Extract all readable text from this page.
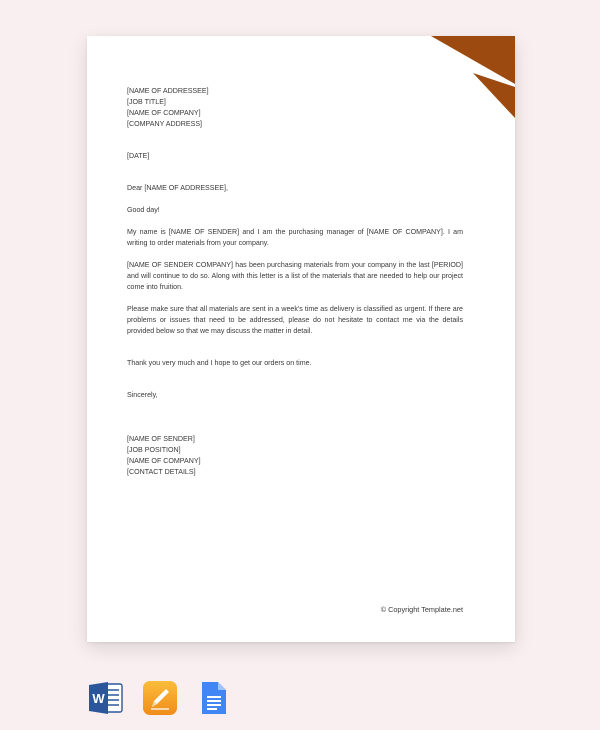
[NAME OF ADDRESSEE]
[JOB TITLE]
[NAME OF COMPANY]
[COMPANY ADDRESS]
[DATE]
Dear [NAME OF ADDRESSEE],
Good day!

My name is [NAME OF SENDER] and I am the purchasing manager of [NAME OF COMPANY]. I am writing to order materials from your company.

[NAME OF SENDER COMPANY] has been purchasing materials from your company in the last [PERIOD] and will continue to do so. Along with this letter is a list of the materials that are needed to help our project come into fruition.

Please make sure that all materials are sent in a week's time as delivery is classified as urgent. If there are problems or issues that need to be addressed, please do not hesitate to contact me via the details provided below so that we may discuss the matter in detail.

Thank you very much and I hope to get our orders on time.
Sincerely,
[NAME OF SENDER]
[JOB POSITION]
[NAME OF COMPANY]
[CONTACT DETAILS]
© Copyright Template.net
W
